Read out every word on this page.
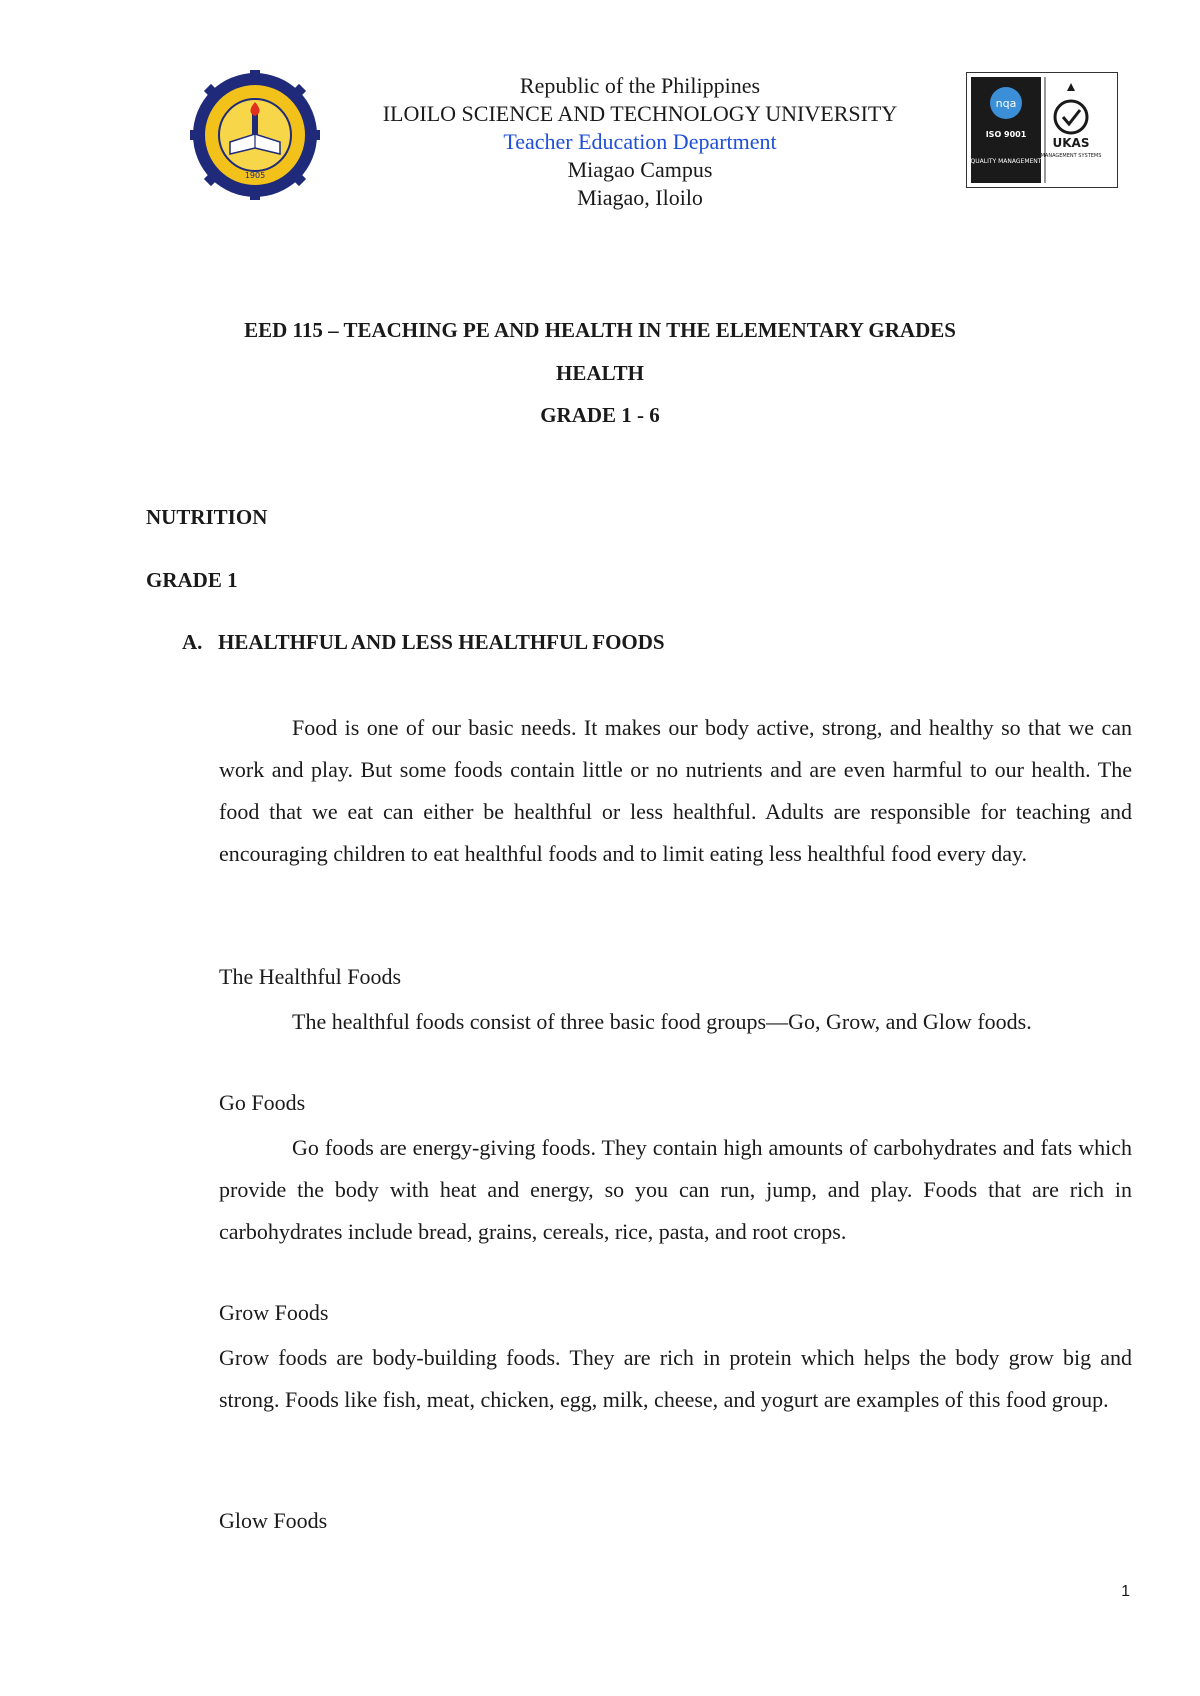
1905
Republic of the Philippines
ILOILO SCIENCE AND TECHNOLOGY UNIVERSITY
Teacher Education Department
Miagao Campus
Miagao, Iloilo
nqa
ISO 9001
QUALITY MANAGEMENT
UKAS
MANAGEMENT SYSTEMS
EED 115 – TEACHING PE AND HEALTH IN THE ELEMENTARY GRADES
HEALTH
GRADE 1 - 6
NUTRITION
GRADE 1
A. HEALTHFUL AND LESS HEALTHFUL FOODS

Food is one of our basic needs. It makes our body active, strong, and healthy so that we can work and play. But some foods contain little or no nutrients and are even harmful to our health. The food that we eat can either be healthful or less healthful. Adults are responsible for teaching and encouraging children to eat healthful foods and to limit eating less healthful food every day.

The Healthful Foods

The healthful foods consist of three basic food groups—Go, Grow, and Glow foods.

Go Foods

Go foods are energy-giving foods. They contain high amounts of carbohydrates and fats which provide the body with heat and energy, so you can run, jump, and play. Foods that are rich in carbohydrates include bread, grains, cereals, rice, pasta, and root crops.

Grow Foods

Grow foods are body-building foods. They are rich in protein which helps the body grow big and strong. Foods like fish, meat, chicken, egg, milk, cheese, and yogurt are examples of this food group.

Glow Foods
1
